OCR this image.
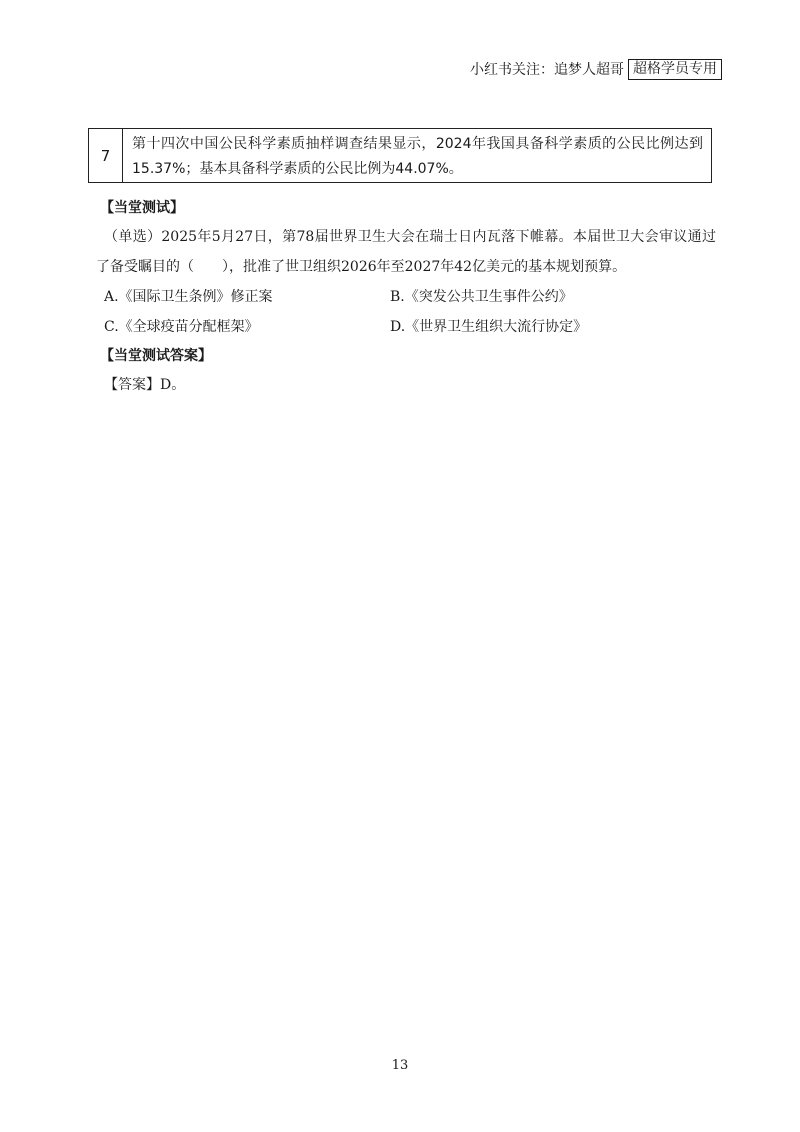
小红书关注：追梦人超哥 超格学员专用
7
第十四次中国公民科学素质抽样调查结果显示，2024年我国具备科学素质的公民比例达到15.37%；基本具备科学素质的公民比例为44.07%。
【当堂测试】
（单选）2025年5月27日，第78届世界卫生大会在瑞士日内瓦落下帷幕。本届世卫大会审议通过了备受瞩目的（　　），批准了世卫组织2026年至2027年42亿美元的基本规划预算。
A.《国际卫生条例》修正案	B.《突发公共卫生事件公约》
C.《全球疫苗分配框架》	D.《世界卫生组织大流行协定》
【当堂测试答案】
【答案】D。
13
